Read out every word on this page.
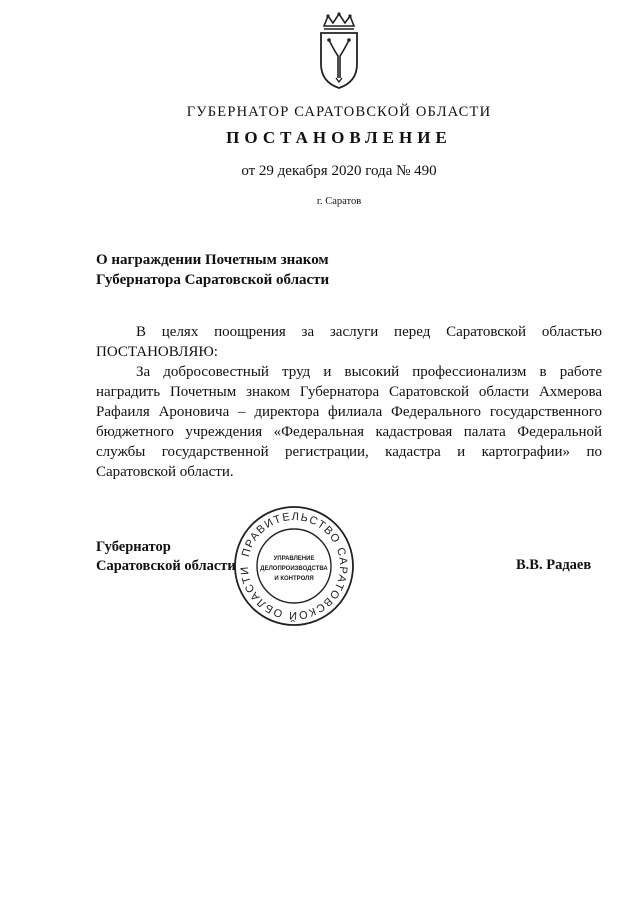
ГУБЕРНАТОР САРАТОВСКОЙ ОБЛАСТИ
ПОСТАНОВЛЕНИЕ
от 29 декабря 2020 года № 490
г. Саратов
О награждении Почетным знаком
Губернатора Саратовской области

В целях поощрения за заслуги перед Саратовской областью ПОСТАНОВЛЯЮ:

За добросовестный труд и высокий профессионализм в работе наградить Почетным знаком Губернатора Саратовской области Ахмерова Рафаиля Ароновича – директора филиала Федерального государственного бюджетного учреждения «Федеральная кадастровая палата Федеральной службы государственной регистрации, кадастра и картографии» по Саратовской области.

Губернатор
Саратовской области	В.В. Радаев
ПРАВИТЕЛЬСТВО САРАТОВСКОЙ ОБЛАСТИ
УПРАВЛЕНИЕ
ДЕЛОПРОИЗВОДСТВА
И КОНТРОЛЯ
